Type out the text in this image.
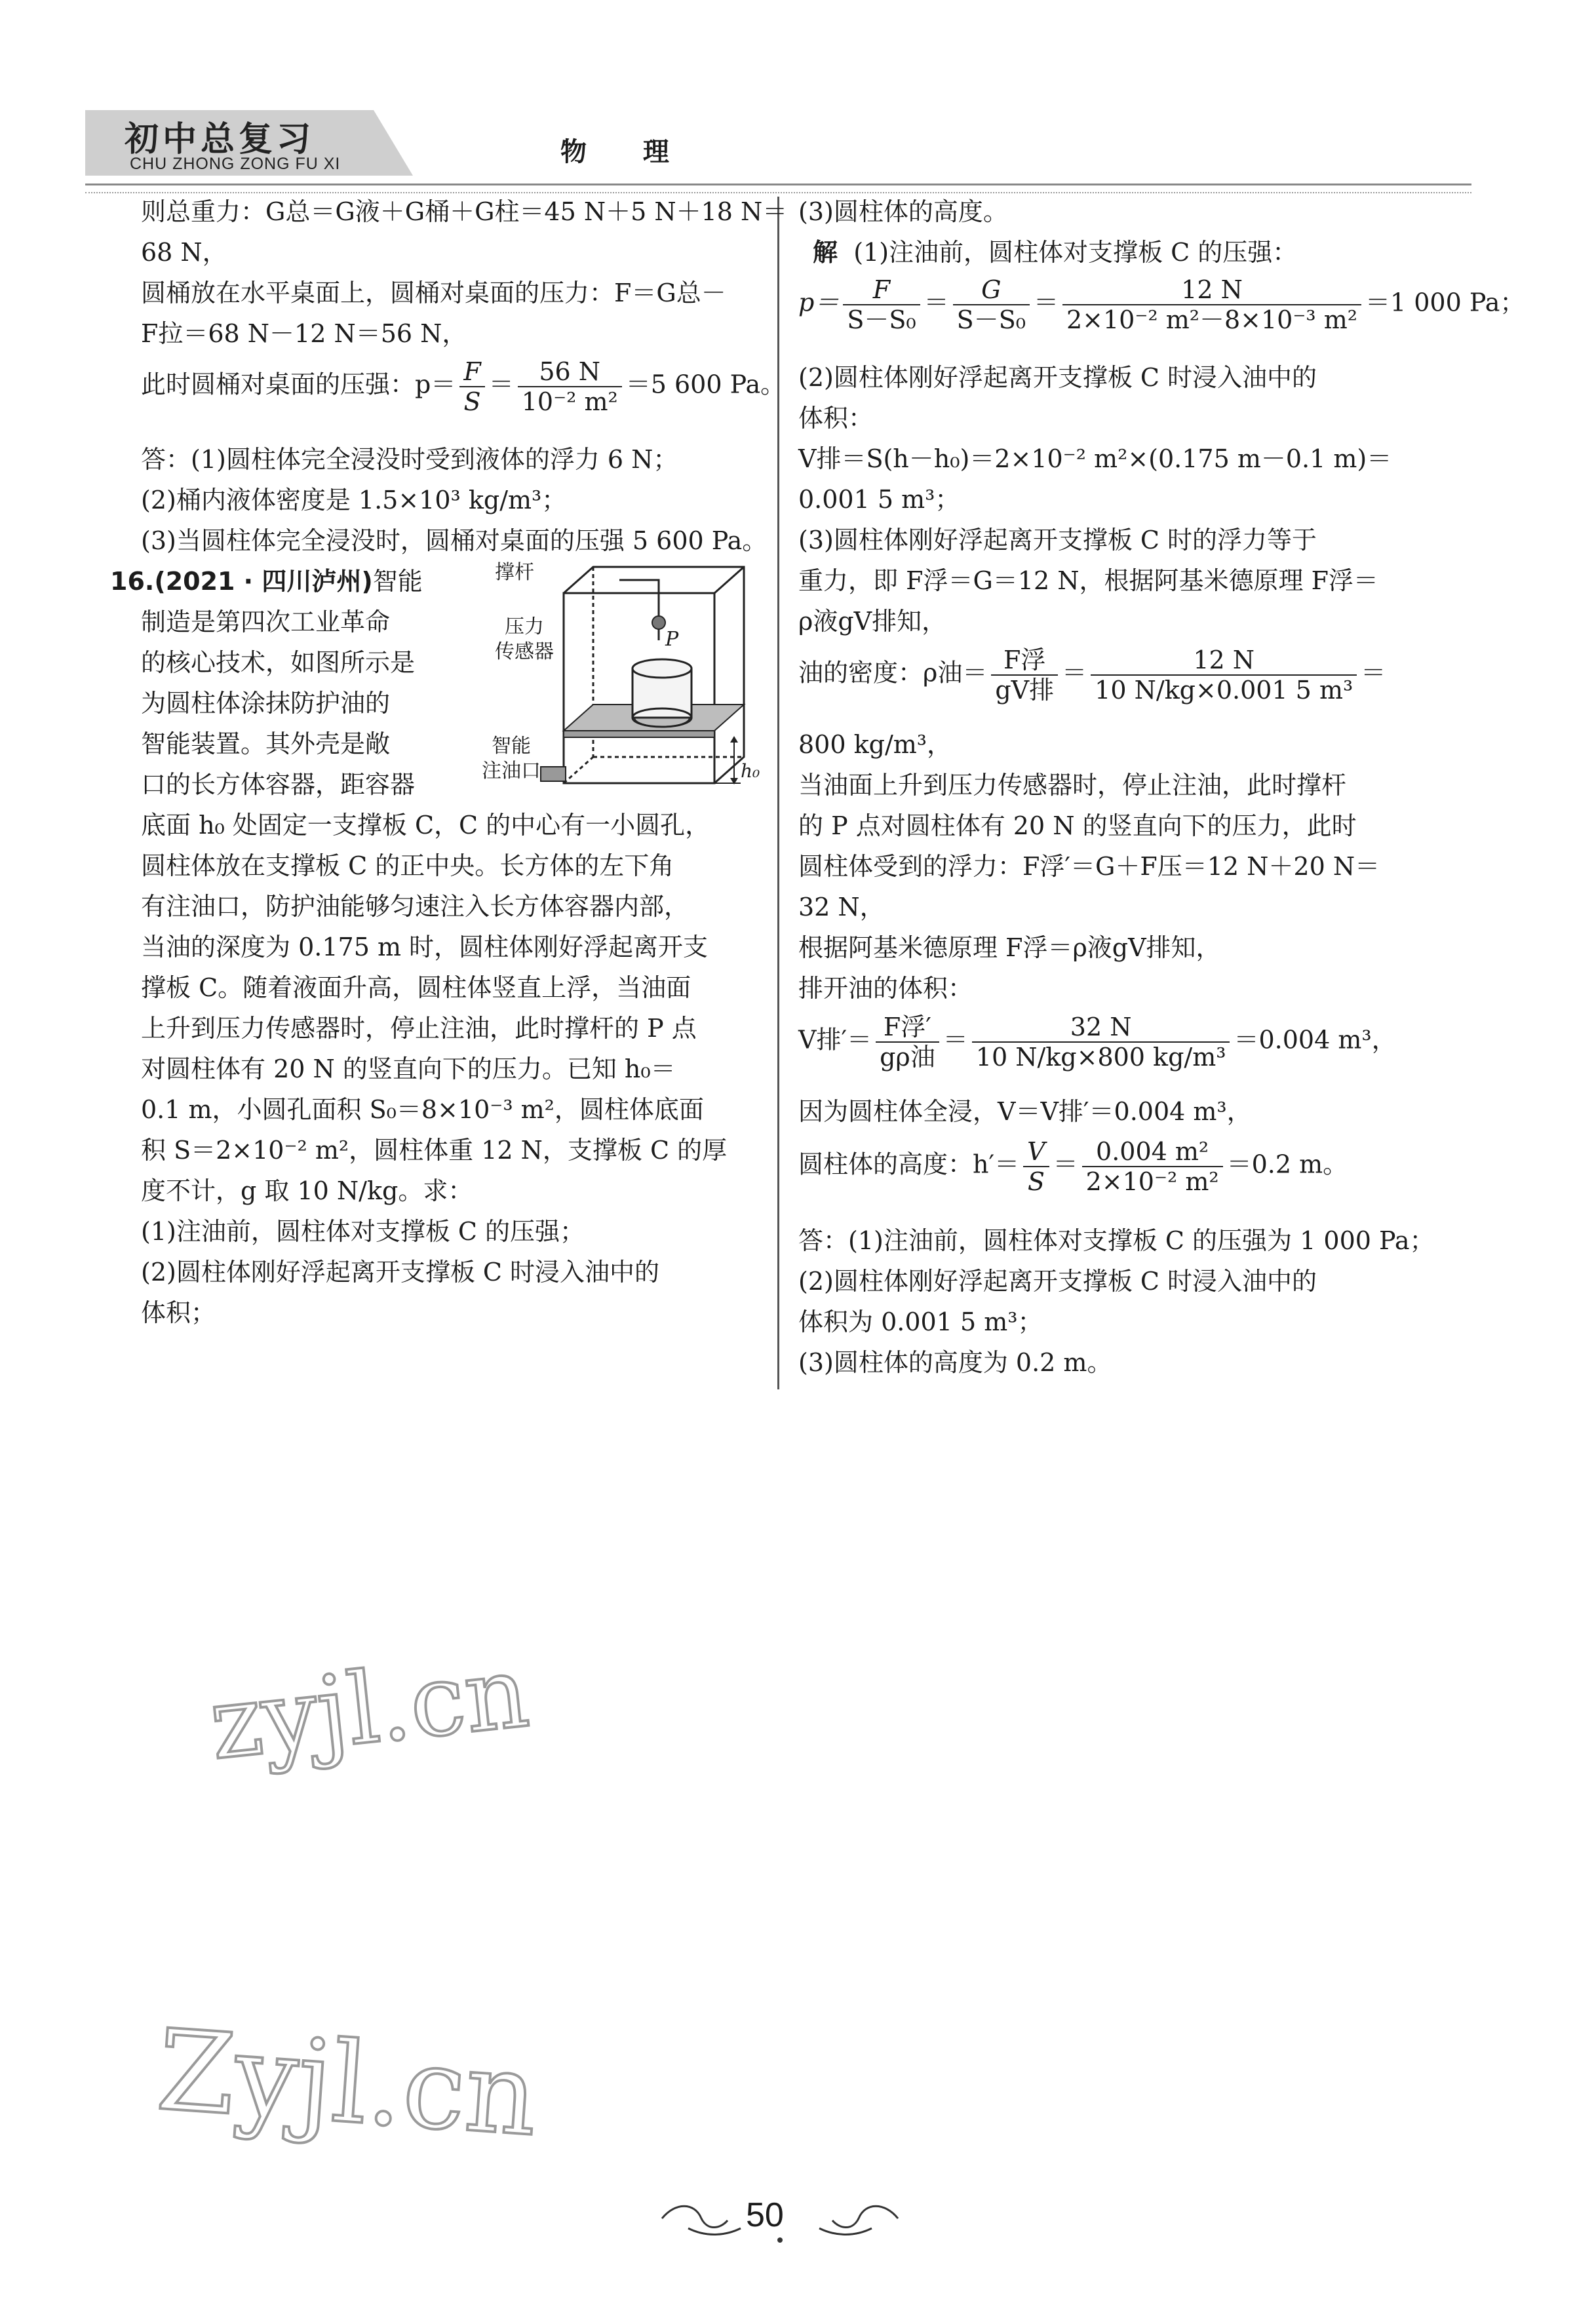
初中总复习
CHU ZHONG ZONG FU XI	物 理
则总重力：G总＝G液＋G桶＋G柱＝45 N＋5 N＋18 N＝
68 N，
圆桶放在水平桌面上，圆桶对桌面的压力：F＝G总－
F拉＝68 N－12 N＝56 N，
此时圆桶对桌面的压强：$p= \frac{F}{S} = \frac{56 N}{\text{10⁻² m²}} =5$ 600 Pa。
答：(1)圆柱体完全浸没时受到液体的浮力 6 N；
(2)桶内液体密度是 1.5×10³ kg/m³；
(3)当圆柱体完全浸没时，圆桶对桌面的压强 5 600 Pa。
16.(2021 · 四川泸州)智能
制造是第四次工业革命
的核心技术，如图所示是
为圆柱体涂抹防护油的
智能装置。其外壳是敞
口的长方体容器，距容器
底面 h₀ 处固定一支撑板 C，C 的中心有一小圆孔，
圆柱体放在支撑板 C 的正中央。长方体的左下角
有注油口，防护油能够匀速注入长方体容器内部，
当油的深度为 0.175 m 时，圆柱体刚好浮起离开支
撑板 C。随着液面升高，圆柱体竖直上浮，当油面
上升到压力传感器时，停止注油，此时撑杆的 P 点
对圆柱体有 20 N 的竖直向下的压力。已知 h₀＝
0.1 m，小圆孔面积 S₀＝8×10⁻³ m²，圆柱体底面
积 S＝2×10⁻² m²，圆柱体重 12 N，支撑板 C 的厚
度不计，g 取 10 N/kg。求：
(1)注油前，圆柱体对支撑板 C 的压强；
(2)圆柱体刚好浮起离开支撑板 C 时浸入油中的
体积；
撑杆
压力
传感器
P
智能
注油口	h₀
(3)圆柱体的高度。
解 (1)注油前，圆柱体对支撑板 C 的压强：
$p= \frac{F}{\text{S－S₀}} = \frac{G}{\text{S－S₀}} = \frac{12 N}{\text{2×10⁻² m²－8×10⁻³ m²}} =1$ 000 Pa；
(2)圆柱体刚好浮起离开支撑板 C 时浸入油中的
体积：
V排＝S(h－h₀)＝2×10⁻² m²×(0.175 m－0.1 m)＝
0.001 5 m³；
(3)圆柱体刚好浮起离开支撑板 C 时的浮力等于
重力，即 F浮＝G＝12 N，根据阿基米德原理 F浮＝
ρ液gV排知，
油的密度：ρ油＝ $\frac{\text{F浮}}{\text{gV排}} = \frac{12 N}{\text{10 N/kg×0.001 5 m³}}$ ＝
800 kg/m³，
当油面上升到压力传感器时，停止注油，此时撑杆
的 P 点对圆柱体有 20 N 的竖直向下的压力，此时
圆柱体受到的浮力：F浮′＝G＋F压＝12 N＋20 N＝
32 N，
根据阿基米德原理 F浮＝ρ液gV排知，
排开油的体积：
V排′＝ $\frac{\text{F浮′}}{\text{gρ油}} = \frac{32 N}{\text{10 N/kg×800 kg/m³}} =0.004$ m³，
因为圆柱体全浸，V＝V排′＝0.004 m³，
圆柱体的高度：$h'= \frac{V}{S} = \frac{\text{0.004 m²}}{\text{2×10⁻² m²}} =0.2$ m。
答：(1)注油前，圆柱体对支撑板 C 的压强为 1 000 Pa；
(2)圆柱体刚好浮起离开支撑板 C 时浸入油中的
体积为 0.001 5 m³；
(3)圆柱体的高度为 0.2 m。
zyjl.cn
Zyjl.cn
50
